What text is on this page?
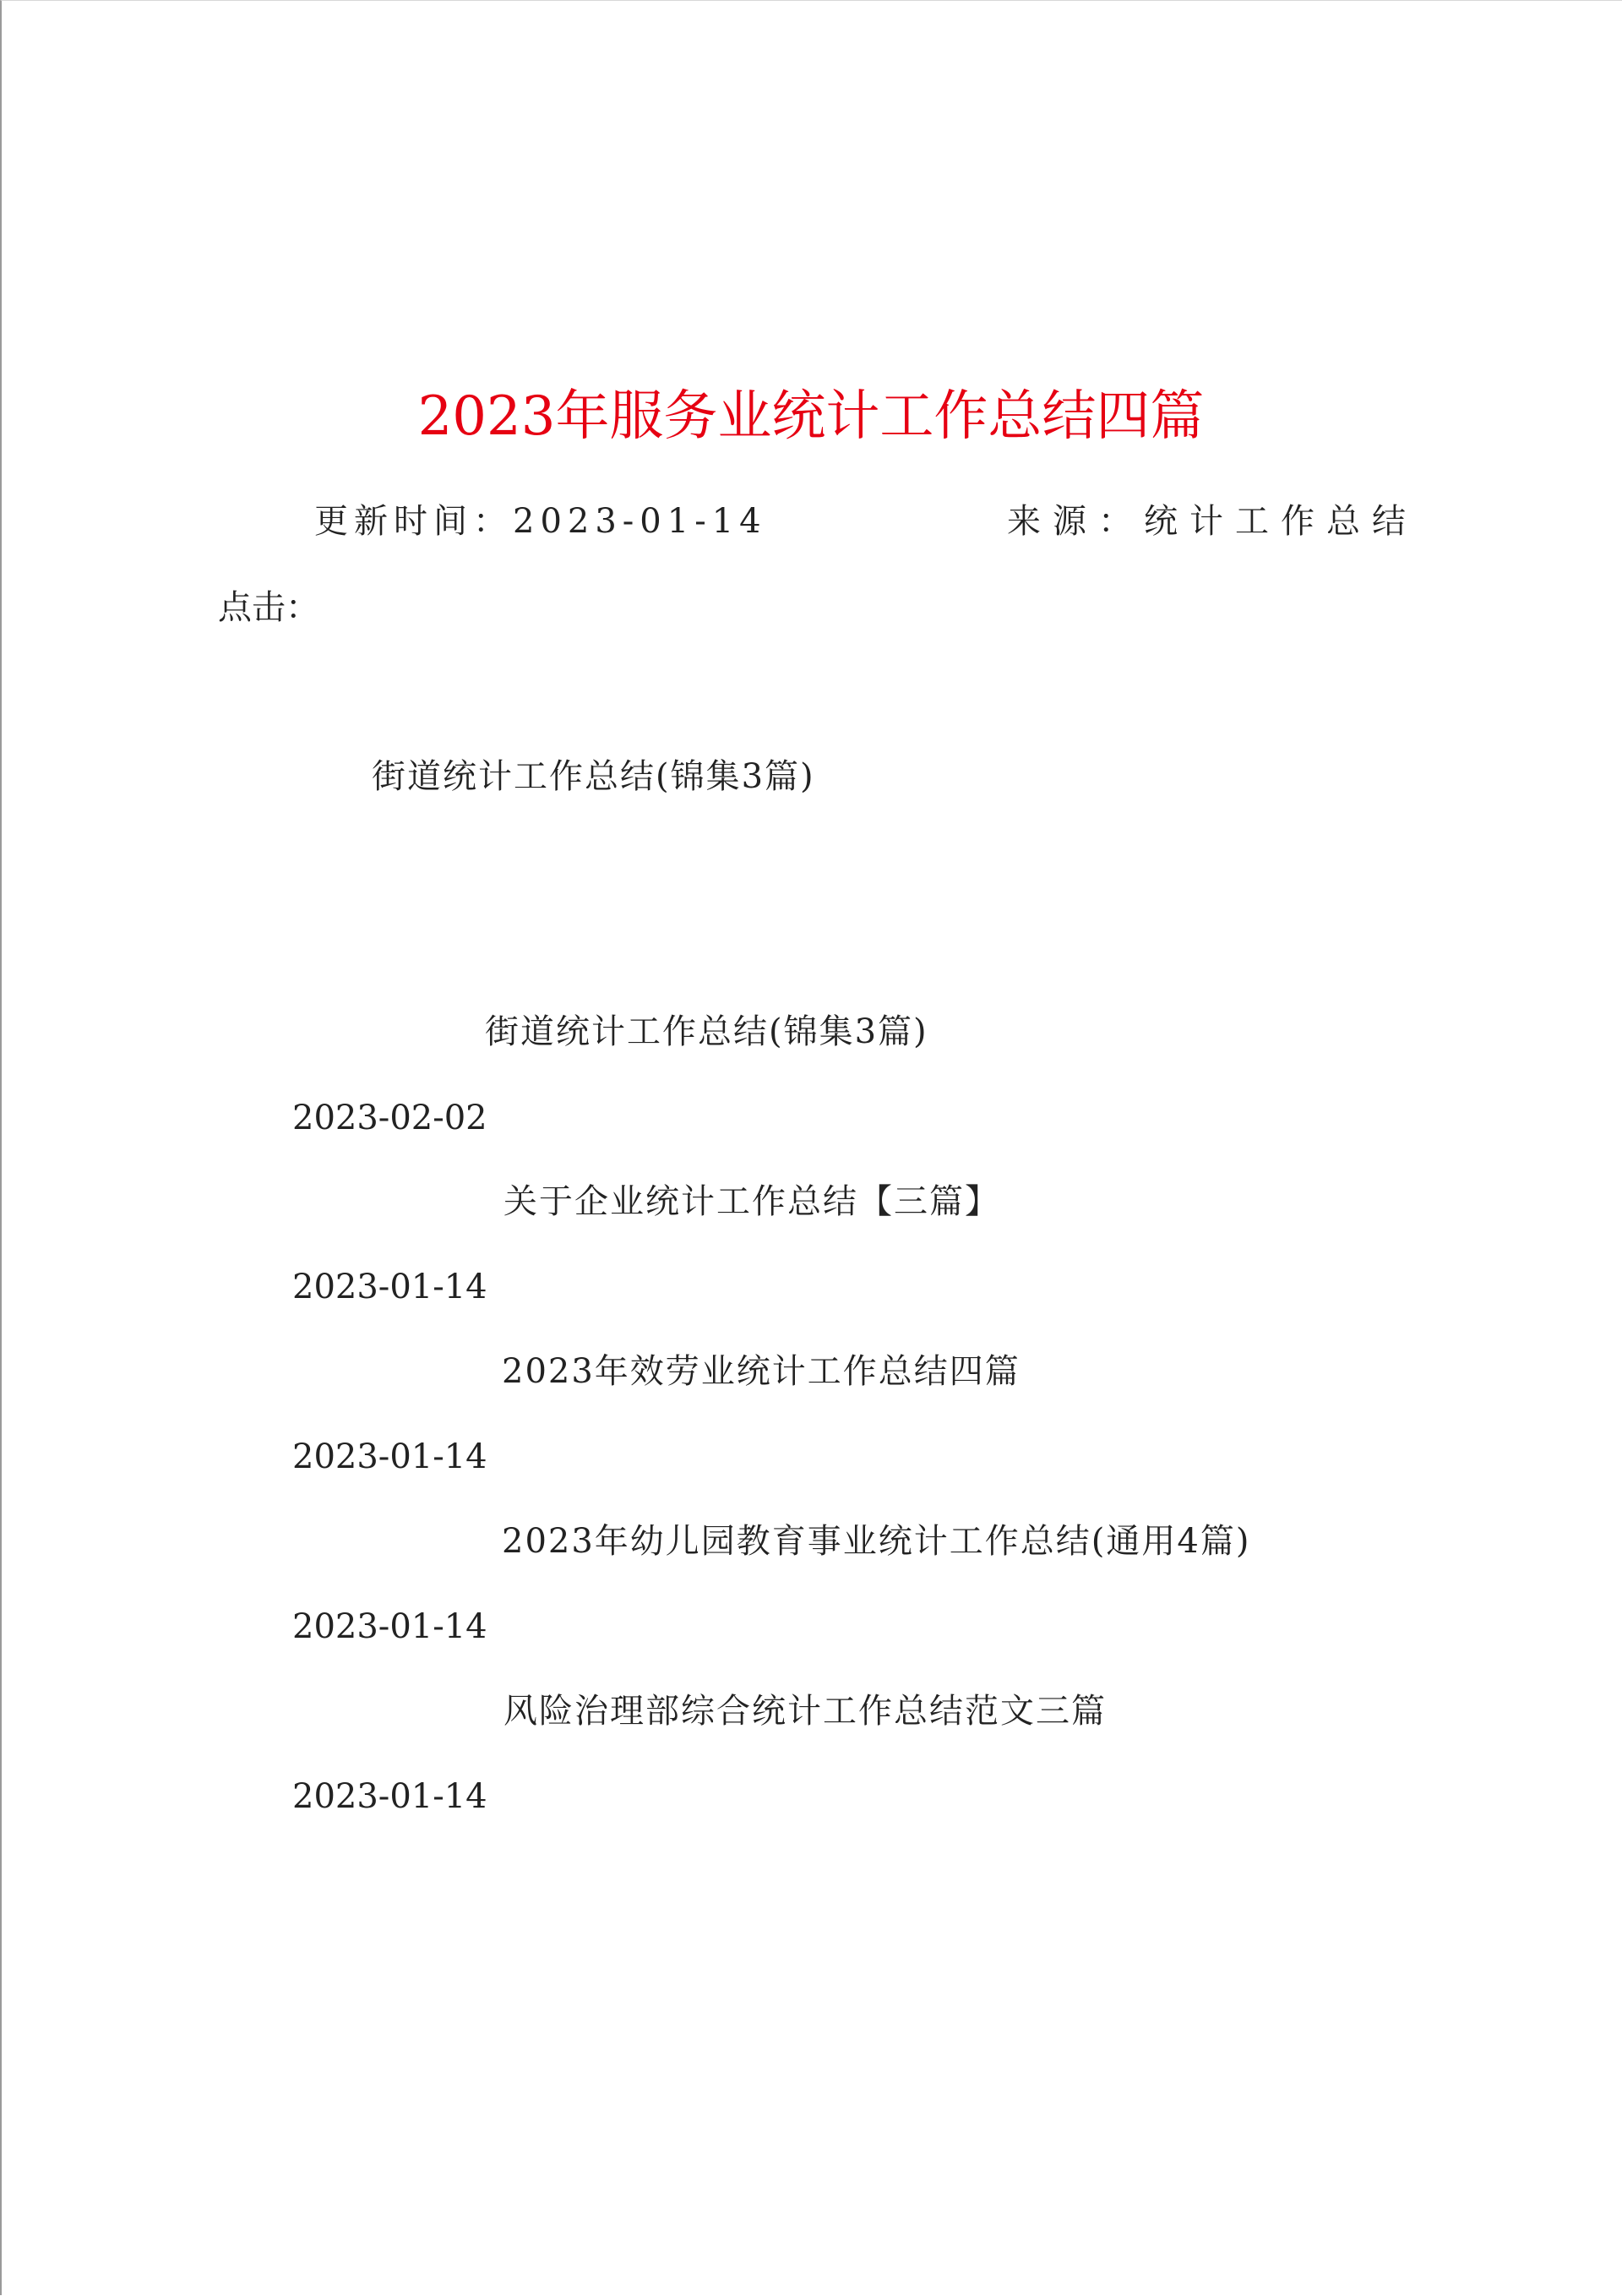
2023年服务业统计工作总结四篇
更新时间：2023-01-14	来源：统计工作总结
点击：
街道统计工作总结(锦集3篇)
街道统计工作总结(锦集3篇)
2023-02-02
关于企业统计工作总结【三篇】
2023-01-14
2023年效劳业统计工作总结四篇
2023-01-14
2023年幼儿园教育事业统计工作总结(通用4篇)
2023-01-14
风险治理部综合统计工作总结范文三篇
2023-01-14
